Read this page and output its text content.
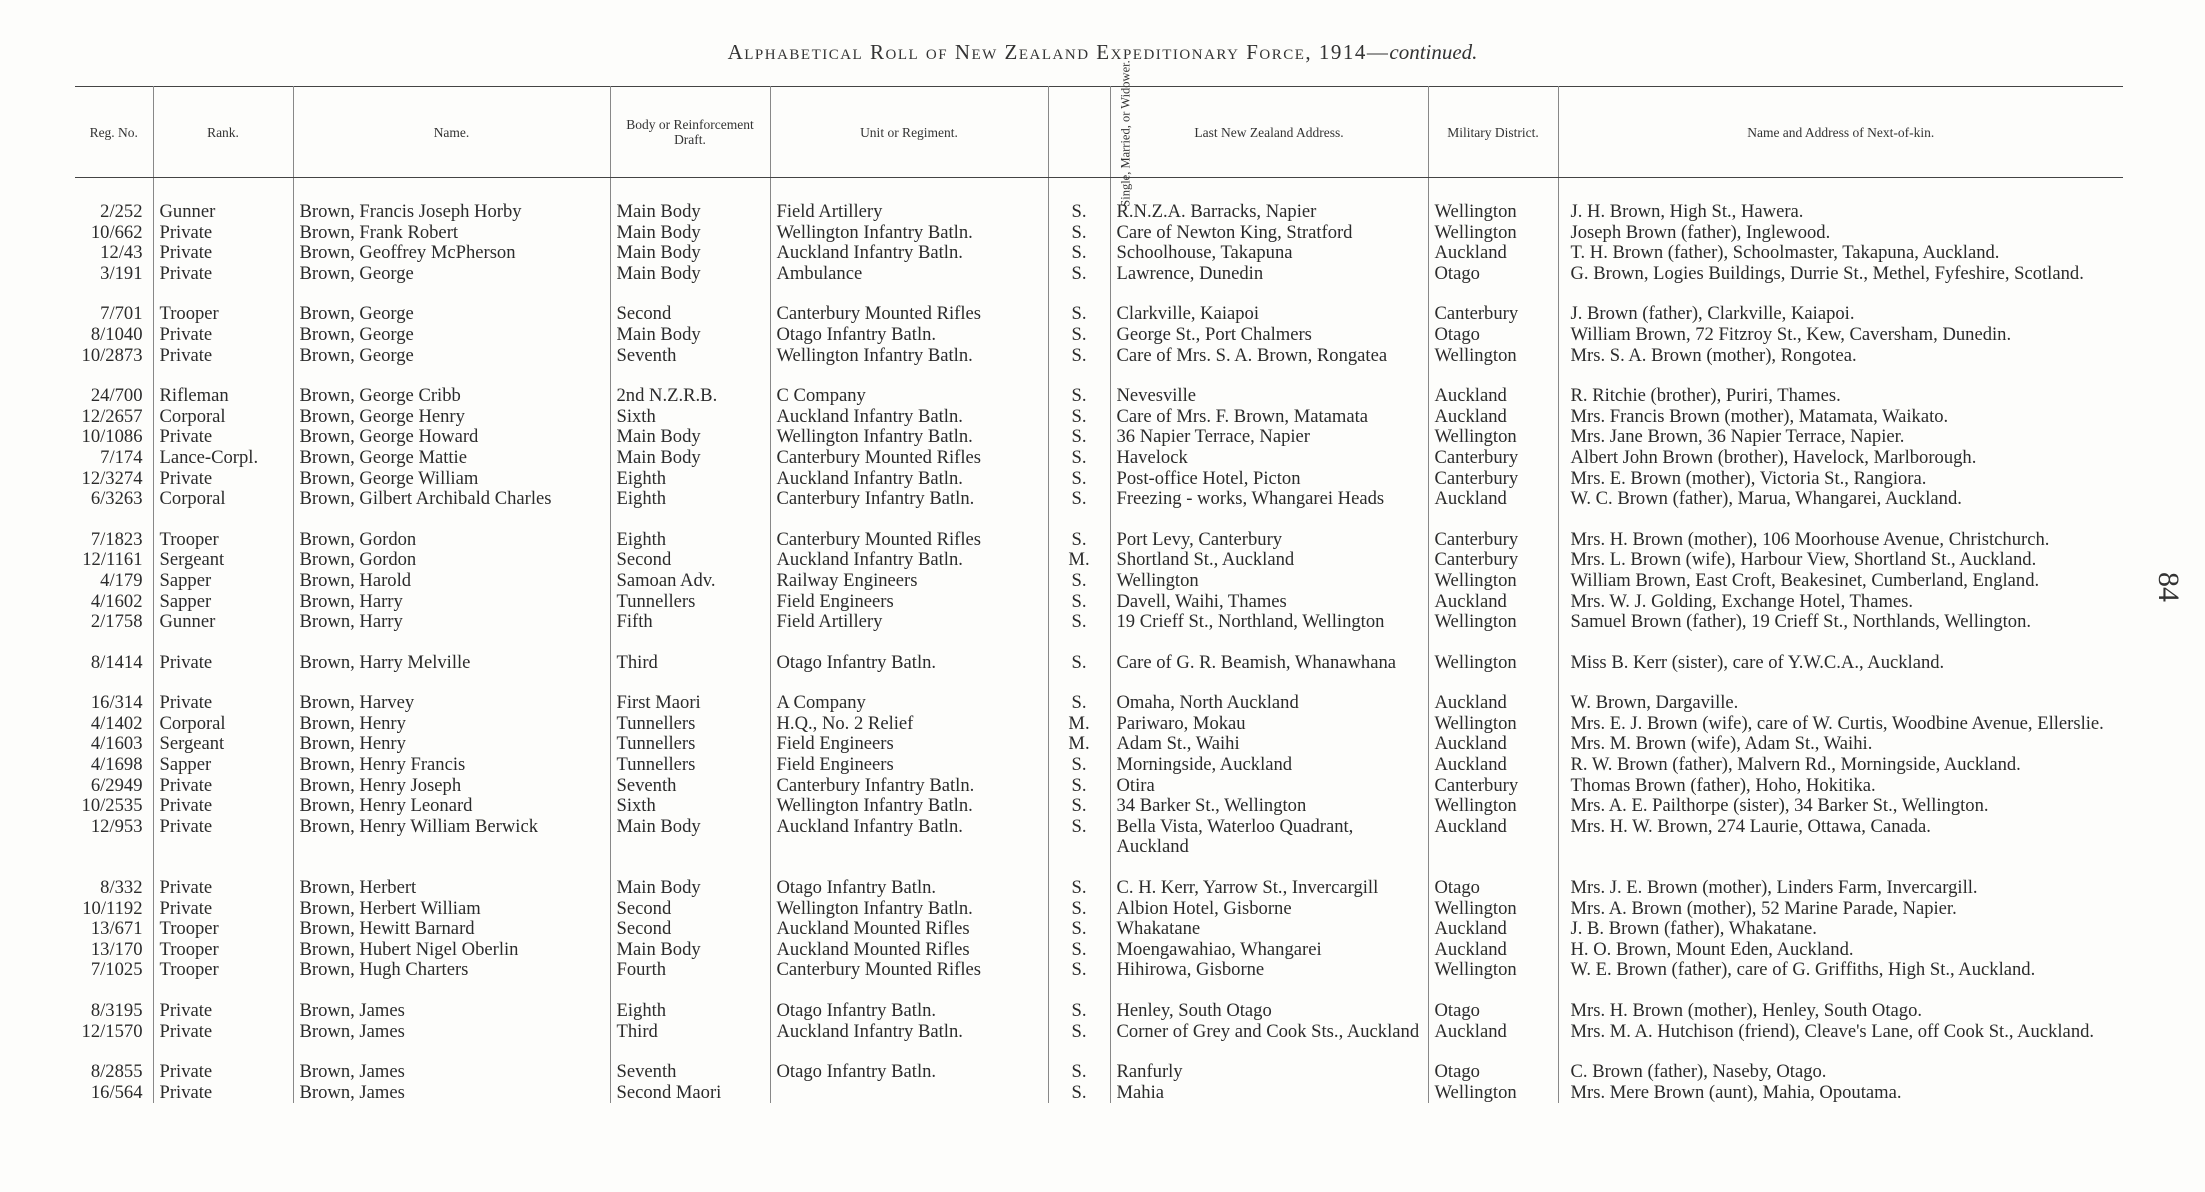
Alphabetical Roll of New Zealand Expeditionary Force, 1914—continued.
84
Reg. No.	Rank.	Name.	Body or Reinforcement Draft.	Unit or Regiment.	Single, Married, or Widower.	Last New Zealand Address.	Military District.	Name and Address of Next-of-kin.
2/252	Gunner	Brown, Francis Joseph Horby	Main Body	Field Artillery	S.	R.N.Z.A. Barracks, Napier	Wellington	J. H. Brown, High St., Hawera.
10/662	Private	Brown, Frank Robert	Main Body	Wellington Infantry Batln.	S.	Care of Newton King, Stratford	Wellington	Joseph Brown (father), Inglewood.
12/43	Private	Brown, Geoffrey McPherson	Main Body	Auckland Infantry Batln.	S.	Schoolhouse, Takapuna	Auckland	T. H. Brown (father), Schoolmaster, Takapuna, Auckland.
3/191	Private	Brown, George	Main Body	Ambulance	S.	Lawrence, Dunedin	Otago	G. Brown, Logies Buildings, Durrie St., Methel, Fyfeshire, Scotland.
7/701	Trooper	Brown, George	Second	Canterbury Mounted Rifles	S.	Clarkville, Kaiapoi	Canterbury	J. Brown (father), Clarkville, Kaiapoi.
8/1040	Private	Brown, George	Main Body	Otago Infantry Batln.	S.	George St., Port Chalmers	Otago	William Brown, 72 Fitzroy St., Kew, Caversham, Dunedin.
10/2873	Private	Brown, George	Seventh	Wellington Infantry Batln.	S.	Care of Mrs. S. A. Brown, Rongatea	Wellington	Mrs. S. A. Brown (mother), Rongotea.
24/700	Rifleman	Brown, George Cribb	2nd N.Z.R.B.	C Company	S.	Nevesville	Auckland	R. Ritchie (brother), Puriri, Thames.
12/2657	Corporal	Brown, George Henry	Sixth	Auckland Infantry Batln.	S.	Care of Mrs. F. Brown, Matamata	Auckland	Mrs. Francis Brown (mother), Matamata, Waikato.
10/1086	Private	Brown, George Howard	Main Body	Wellington Infantry Batln.	S.	36 Napier Terrace, Napier	Wellington	Mrs. Jane Brown, 36 Napier Terrace, Napier.
7/174	Lance-Corpl.	Brown, George Mattie	Main Body	Canterbury Mounted Rifles	S.	Havelock	Canterbury	Albert John Brown (brother), Havelock, Marlborough.
12/3274	Private	Brown, George William	Eighth	Auckland Infantry Batln.	S.	Post-office Hotel, Picton	Canterbury	Mrs. E. Brown (mother), Victoria St., Rangiora.
6/3263	Corporal	Brown, Gilbert Archibald Charles	Eighth	Canterbury Infantry Batln.	S.	Freezing - works, Whangarei Heads	Auckland	W. C. Brown (father), Marua, Whangarei, Auckland.
7/1823	Trooper	Brown, Gordon	Eighth	Canterbury Mounted Rifles	S.	Port Levy, Canterbury	Canterbury	Mrs. H. Brown (mother), 106 Moorhouse Avenue, Christchurch.
12/1161	Sergeant	Brown, Gordon	Second	Auckland Infantry Batln.	M.	Shortland St., Auckland	Canterbury	Mrs. L. Brown (wife), Harbour View, Shortland St., Auckland.
4/179	Sapper	Brown, Harold	Samoan Adv.	Railway Engineers	S.	Wellington	Wellington	William Brown, East Croft, Beakesinet, Cumberland, England.
4/1602	Sapper	Brown, Harry	Tunnellers	Field Engineers	S.	Davell, Waihi, Thames	Auckland	Mrs. W. J. Golding, Exchange Hotel, Thames.
2/1758	Gunner	Brown, Harry	Fifth	Field Artillery	S.	19 Crieff St., Northland, Wellington	Wellington	Samuel Brown (father), 19 Crieff St., Northlands, Wellington.
8/1414	Private	Brown, Harry Melville	Third	Otago Infantry Batln.	S.	Care of G. R. Beamish, Whanawhana	Wellington	Miss B. Kerr (sister), care of Y.W.C.A., Auckland.
16/314	Private	Brown, Harvey	First Maori	A Company	S.	Omaha, North Auckland	Auckland	W. Brown, Dargaville.
4/1402	Corporal	Brown, Henry	Tunnellers	H.Q., No. 2 Relief	M.	Pariwaro, Mokau	Wellington	Mrs. E. J. Brown (wife), care of W. Curtis, Woodbine Avenue, Ellerslie.
4/1603	Sergeant	Brown, Henry	Tunnellers	Field Engineers	M.	Adam St., Waihi	Auckland	Mrs. M. Brown (wife), Adam St., Waihi.
4/1698	Sapper	Brown, Henry Francis	Tunnellers	Field Engineers	S.	Morningside, Auckland	Auckland	R. W. Brown (father), Malvern Rd., Morningside, Auckland.
6/2949	Private	Brown, Henry Joseph	Seventh	Canterbury Infantry Batln.	S.	Otira	Canterbury	Thomas Brown (father), Hoho, Hokitika.
10/2535	Private	Brown, Henry Leonard	Sixth	Wellington Infantry Batln.	S.	34 Barker St., Wellington	Wellington	Mrs. A. E. Pailthorpe (sister), 34 Barker St., Wellington.
12/953	Private	Brown, Henry William Berwick	Main Body	Auckland Infantry Batln.	S.	Bella Vista, Waterloo Quadrant, Auckland	Auckland	Mrs. H. W. Brown, 274 Laurie, Ottawa, Canada.
8/332	Private	Brown, Herbert	Main Body	Otago Infantry Batln.	S.	C. H. Kerr, Yarrow St., Invercargill	Otago	Mrs. J. E. Brown (mother), Linders Farm, Invercargill.
10/1192	Private	Brown, Herbert William	Second	Wellington Infantry Batln.	S.	Albion Hotel, Gisborne	Wellington	Mrs. A. Brown (mother), 52 Marine Parade, Napier.
13/671	Trooper	Brown, Hewitt Barnard	Second	Auckland Mounted Rifles	S.	Whakatane	Auckland	J. B. Brown (father), Whakatane.
13/170	Trooper	Brown, Hubert Nigel Oberlin	Main Body	Auckland Mounted Rifles	S.	Moengawahiao, Whangarei	Auckland	H. O. Brown, Mount Eden, Auckland.
7/1025	Trooper	Brown, Hugh Charters	Fourth	Canterbury Mounted Rifles	S.	Hihirowa, Gisborne	Wellington	W. E. Brown (father), care of G. Griffiths, High St., Auckland.
8/3195	Private	Brown, James	Eighth	Otago Infantry Batln.	S.	Henley, South Otago	Otago	Mrs. H. Brown (mother), Henley, South Otago.
12/1570	Private	Brown, James	Third	Auckland Infantry Batln.	S.	Corner of Grey and Cook Sts., Auckland	Auckland	Mrs. M. A. Hutchison (friend), Cleave's Lane, off Cook St., Auckland.
8/2855	Private	Brown, James	Seventh	Otago Infantry Batln.	S.	Ranfurly	Otago	C. Brown (father), Naseby, Otago.
16/564	Private	Brown, James	Second Maori		S.	Mahia	Wellington	Mrs. Mere Brown (aunt), Mahia, Opoutama.
